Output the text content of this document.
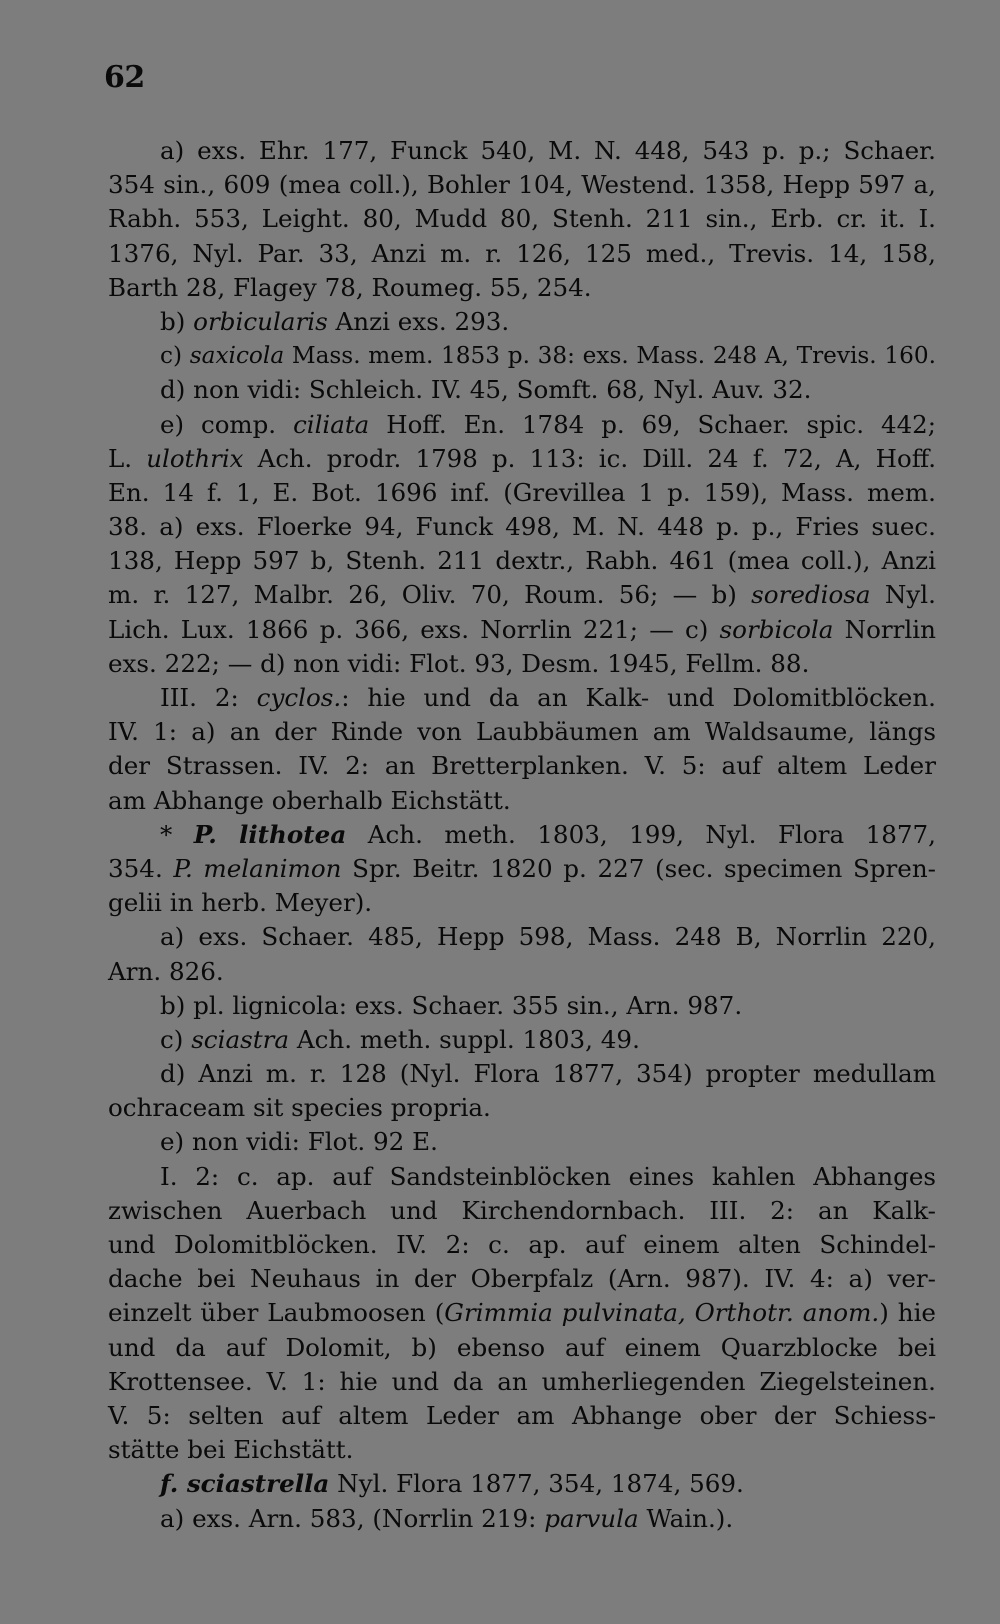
62
a) exs. Ehr. 177, Funck 540, M. N. 448, 543 p. p.; Schaer.
354 sin., 609 (mea coll.), Bohler 104, Westend. 1358, Hepp 597 a,
Rabh. 553, Leight. 80, Mudd 80, Stenh. 211 sin., Erb. cr. it. I.
1376, Nyl. Par. 33, Anzi m. r. 126, 125 med., Trevis. 14, 158,
Barth 28, Flagey 78, Roumeg. 55, 254.
b) orbicularis Anzi exs. 293.
c) saxicola Mass. mem. 1853 p. 38: exs. Mass. 248 A, Trevis. 160.
d) non vidi: Schleich. IV. 45, Somft. 68, Nyl. Auv. 32.
e) comp. ciliata Hoff. En. 1784 p. 69, Schaer. spic. 442;
L. ulothrix Ach. prodr. 1798 p. 113: ic. Dill. 24 f. 72, A, Hoff.
En. 14 f. 1, E. Bot. 1696 inf. (Grevillea 1 p. 159), Mass. mem.
38. a) exs. Floerke 94, Funck 498, M. N. 448 p. p., Fries suec.
138, Hepp 597 b, Stenh. 211 dextr., Rabh. 461 (mea coll.), Anzi
m. r. 127, Malbr. 26, Oliv. 70, Roum. 56; — b) sorediosa Nyl.
Lich. Lux. 1866 p. 366, exs. Norrlin 221; — c) sorbicola Norrlin
exs. 222; — d) non vidi: Flot. 93, Desm. 1945, Fellm. 88.
III. 2: cyclos.: hie und da an Kalk- und Dolomitblöcken.
IV. 1: a) an der Rinde von Laubbäumen am Waldsaume, längs
der Strassen. IV. 2: an Bretterplanken. V. 5: auf altem Leder
am Abhange oberhalb Eichstätt.
* P. lithotea Ach. meth. 1803, 199, Nyl. Flora 1877,
354. P. melanimon Spr. Beitr. 1820 p. 227 (sec. specimen Spren-
gelii in herb. Meyer).
a) exs. Schaer. 485, Hepp 598, Mass. 248 B, Norrlin 220,
Arn. 826.
b) pl. lignicola: exs. Schaer. 355 sin., Arn. 987.
c) sciastra Ach. meth. suppl. 1803, 49.
d) Anzi m. r. 128 (Nyl. Flora 1877, 354) propter medullam
ochraceam sit species propria.
e) non vidi: Flot. 92 E.
I. 2: c. ap. auf Sandsteinblöcken eines kahlen Abhanges
zwischen Auerbach und Kirchendornbach. III. 2: an Kalk-
und Dolomitblöcken. IV. 2: c. ap. auf einem alten Schindel-
dache bei Neuhaus in der Oberpfalz (Arn. 987). IV. 4: a) ver-
einzelt über Laubmoosen (Grimmia pulvinata, Orthotr. anom.) hie
und da auf Dolomit, b) ebenso auf einem Quarzblocke bei
Krottensee. V. 1: hie und da an umherliegenden Ziegelsteinen.
V. 5: selten auf altem Leder am Abhange ober der Schiess-
stätte bei Eichstätt.
f. sciastrella Nyl. Flora 1877, 354, 1874, 569.
a) exs. Arn. 583, (Norrlin 219: parvula Wain.).
